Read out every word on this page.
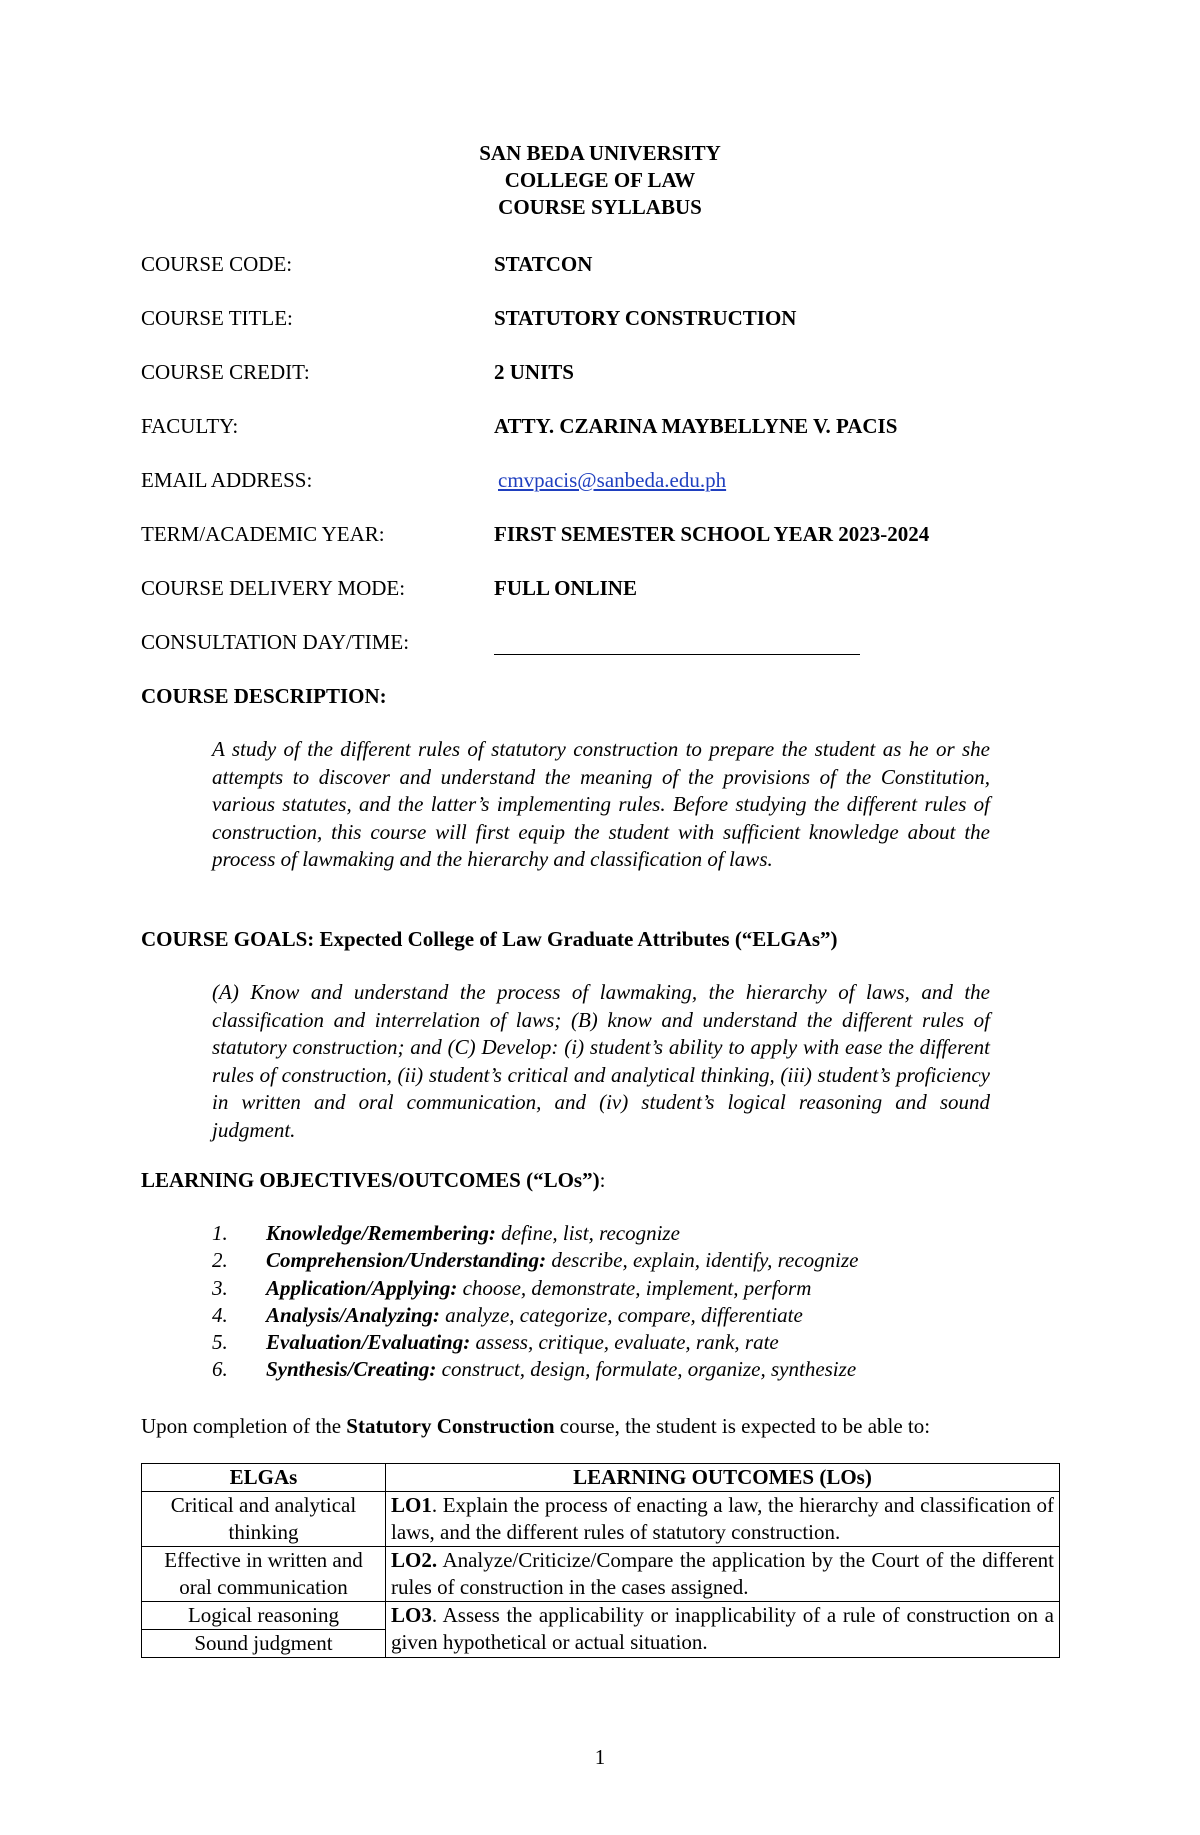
SAN BEDA UNIVERSITY
COLLEGE OF LAW
COURSE SYLLABUS
COURSE CODE:	STATCON
COURSE TITLE:	STATUTORY CONSTRUCTION
COURSE CREDIT:	2 UNITS
FACULTY:	ATTY. CZARINA MAYBELLYNE V. PACIS
EMAIL ADDRESS:	cmvpacis@sanbeda.edu.ph
TERM/ACADEMIC YEAR:	FIRST SEMESTER SCHOOL YEAR 2023-2024
COURSE DELIVERY MODE:	FULL ONLINE
CONSULTATION DAY/TIME:
COURSE DESCRIPTION:
A study of the different rules of statutory construction to prepare the student as he or she attempts to discover and understand the meaning of the provisions of the Constitution, various statutes, and the latter’s implementing rules. Before studying the different rules of construction, this course will first equip the student with sufficient knowledge about the process of lawmaking and the hierarchy and classification of laws.
COURSE GOALS: Expected College of Law Graduate Attributes (“ELGAs”)
(A) Know and understand the process of lawmaking, the hierarchy of laws, and the classification and interrelation of laws; (B) know and understand the different rules of statutory construction; and (C) Develop: (i) student’s ability to apply with ease the different rules of construction, (ii) student’s critical and analytical thinking, (iii) student’s proficiency in written and oral communication, and (iv) student’s logical reasoning and sound judgment.
LEARNING OBJECTIVES/OUTCOMES (“LOs”):
1.	Knowledge/Remembering: define, list, recognize
2.	Comprehension/Understanding: describe, explain, identify, recognize
3.	Application/Applying: choose, demonstrate, implement, perform
4.	Analysis/Analyzing: analyze, categorize, compare, differentiate
5.	Evaluation/Evaluating: assess, critique, evaluate, rank, rate
6.	Synthesis/Creating: construct, design, formulate, organize, synthesize
Upon completion of the Statutory Construction course, the student is expected to be able to:
ELGAs	LEARNING OUTCOMES (LOs)
Critical and analytical thinking	LO1. Explain the process of enacting a law, the hierarchy and classification of laws, and the different rules of statutory construction.
Effective in written and oral communication	LO2. Analyze/Criticize/Compare the application by the Court of the different rules of construction in the cases assigned.
Logical reasoning	LO3. Assess the applicability or inapplicability of a rule of construction on a given hypothetical or actual situation.
Sound judgment	
1
